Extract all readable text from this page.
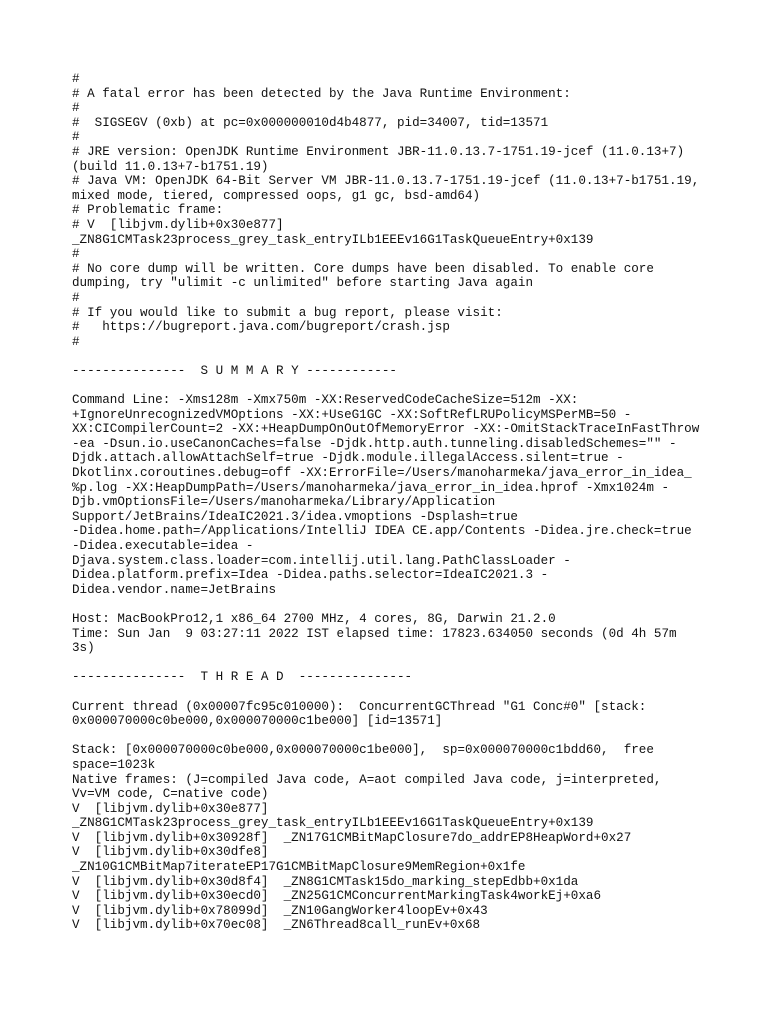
#
# A fatal error has been detected by the Java Runtime Environment:
#
#  SIGSEGV (0xb) at pc=0x000000010d4b4877, pid=34007, tid=13571
#
# JRE version: OpenJDK Runtime Environment JBR-11.0.13.7-1751.19-jcef (11.0.13+7)
(build 11.0.13+7-b1751.19)
# Java VM: OpenJDK 64-Bit Server VM JBR-11.0.13.7-1751.19-jcef (11.0.13+7-b1751.19,
mixed mode, tiered, compressed oops, g1 gc, bsd-amd64)
# Problematic frame:
# V  [libjvm.dylib+0x30e877]
_ZN8G1CMTask23process_grey_task_entryILb1EEEv16G1TaskQueueEntry+0x139
#
# No core dump will be written. Core dumps have been disabled. To enable core
dumping, try "ulimit -c unlimited" before starting Java again
#
# If you would like to submit a bug report, please visit:
#   https://bugreport.java.com/bugreport/crash.jsp
#
---------------  S U M M A R Y ------------
Command Line: -Xms128m -Xmx750m -XX:ReservedCodeCacheSize=512m -XX:
+IgnoreUnrecognizedVMOptions -XX:+UseG1GC -XX:SoftRefLRUPolicyMSPerMB=50 -
XX:CICompilerCount=2 -XX:+HeapDumpOnOutOfMemoryError -XX:-OmitStackTraceInFastThrow
-ea -Dsun.io.useCanonCaches=false -Djdk.http.auth.tunneling.disabledSchemes="" -
Djdk.attach.allowAttachSelf=true -Djdk.module.illegalAccess.silent=true -
Dkotlinx.coroutines.debug=off -XX:ErrorFile=/Users/manoharmeka/java_error_in_idea_
%p.log -XX:HeapDumpPath=/Users/manoharmeka/java_error_in_idea.hprof -Xmx1024m -
Djb.vmOptionsFile=/Users/manoharmeka/Library/Application
Support/JetBrains/IdeaIC2021.3/idea.vmoptions -Dsplash=true
-Didea.home.path=/Applications/IntelliJ IDEA CE.app/Contents -Didea.jre.check=true
-Didea.executable=idea -
Djava.system.class.loader=com.intellij.util.lang.PathClassLoader -
Didea.platform.prefix=Idea -Didea.paths.selector=IdeaIC2021.3 -
Didea.vendor.name=JetBrains
Host: MacBookPro12,1 x86_64 2700 MHz, 4 cores, 8G, Darwin 21.2.0
Time: Sun Jan  9 03:27:11 2022 IST elapsed time: 17823.634050 seconds (0d 4h 57m
3s)
---------------  T H R E A D  ---------------
Current thread (0x00007fc95c010000):  ConcurrentGCThread "G1 Conc#0" [stack:
0x000070000c0be000,0x000070000c1be000] [id=13571]
Stack: [0x000070000c0be000,0x000070000c1be000],  sp=0x000070000c1bdd60,  free
space=1023k
Native frames: (J=compiled Java code, A=aot compiled Java code, j=interpreted,
Vv=VM code, C=native code)
V  [libjvm.dylib+0x30e877]
_ZN8G1CMTask23process_grey_task_entryILb1EEEv16G1TaskQueueEntry+0x139
V  [libjvm.dylib+0x30928f]  _ZN17G1CMBitMapClosure7do_addrEP8HeapWord+0x27
V  [libjvm.dylib+0x30dfe8]
_ZN10G1CMBitMap7iterateEP17G1CMBitMapClosure9MemRegion+0x1fe
V  [libjvm.dylib+0x30d8f4]  _ZN8G1CMTask15do_marking_stepEdbb+0x1da
V  [libjvm.dylib+0x30ecd0]  _ZN25G1CMConcurrentMarkingTask4workEj+0xa6
V  [libjvm.dylib+0x78099d]  _ZN10GangWorker4loopEv+0x43
V  [libjvm.dylib+0x70ec08]  _ZN6Thread8call_runEv+0x68
